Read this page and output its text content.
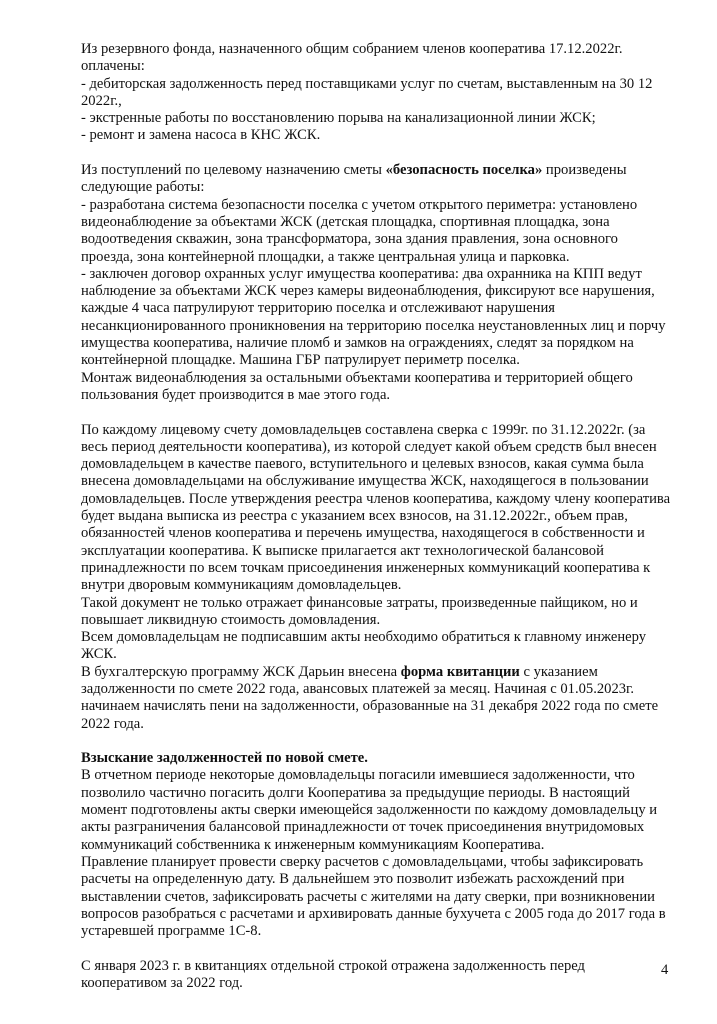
Из резервного фонда, назначенного общим собранием членов кооператива 17.12.2022г. оплачены:

- дебиторская задолженность перед поставщиками услуг по счетам, выставленным на 30 12 2022г.,
- экстренные работы по восстановлению порыва на канализационной линии ЖСК;
- ремонт и замена насоса в КНС ЖСК.

Из поступлений по целевому назначению сметы «безопасность поселка» произведены следующие работы:

- разработана система безопасности поселка с учетом открытого периметра: установлено видеонаблюдение за объектами ЖСК (детская площадка, спортивная площадка, зона водоотведения скважин, зона трансформатора, зона здания правления, зона основного проезда, зона контейнерной площадки, а также центральная улица и парковка.

- заключен договор охранных услуг имущества кооператива: два охранника на КПП ведут наблюдение за объектами ЖСК через камеры видеонаблюдения, фиксируют все нарушения, каждые 4 часа патрулируют территорию поселка и отслеживают нарушения несанкционированного проникновения на территорию поселка неустановленных лиц и порчу имущества кооператива, наличие пломб и замков на ограждениях, следят за порядком на контейнерной площадке. Машина ГБР патрулирует периметр поселка.

Монтаж видеонаблюдения за остальными объектами кооператива и территорией общего пользования будет производится в мае этого года.

По каждому лицевому счету домовладельцев составлена сверка с 1999г. по 31.12.2022г. (за весь период деятельности кооператива), из которой следует какой объем средств был внесен домовладельцем в качестве паевого, вступительного и целевых взносов, какая сумма была внесена домовладельцами на обслуживание имущества ЖСК, находящегося в пользовании домовладельцев. После утверждения реестра членов кооператива, каждому члену кооператива будет выдана выписка из реестра с указанием всех взносов, на 31.12.2022г., объем прав, обязанностей членов кооператива и перечень имущества, находящегося в собственности и эксплуатации кооператива. К выписке прилагается акт технологической балансовой принадлежности по всем точкам присоединения инженерных коммуникаций кооператива к внутри дворовым коммуникациям домовладельцев.

Такой документ не только отражает финансовые затраты, произведенные пайщиком, но и повышает ликвидную стоимость домовладения.

Всем домовладельцам не подписавшим акты необходимо обратиться к главному инженеру ЖСК.

В бухгалтерскую программу ЖСК Дарьин внесена форма квитанции с указанием задолженности по смете 2022 года, авансовых платежей за месяц. Начиная с 01.05.2023г. начинаем начислять пени на задолженности, образованные на 31 декабря 2022 года по смете 2022 года.

Взыскание задолженностей по новой смете.

В отчетном периоде некоторые домовладельцы погасили имевшиеся задолженности, что позволило частично погасить долги Кооператива за предыдущие периоды. В настоящий момент подготовлены акты сверки имеющейся задолженности по каждому домовладельцу и акты разграничения балансовой принадлежности от точек присоединения внутридомовых коммуникаций собственника к инженерным коммуникациям Кооператива.

Правление планирует провести сверку расчетов с домовладельцами, чтобы зафиксировать расчеты на определенную дату. В дальнейшем это позволит избежать расхождений при выставлении счетов, зафиксировать расчеты с жителями на дату сверки, при возникновении вопросов разобраться с расчетами и архивировать данные бухучета с 2005 года до 2017 года в устаревшей программе 1С-8.

С января 2023 г. в квитанциях отдельной строкой отражена задолженность перед кооперативом за 2022 год.

4
